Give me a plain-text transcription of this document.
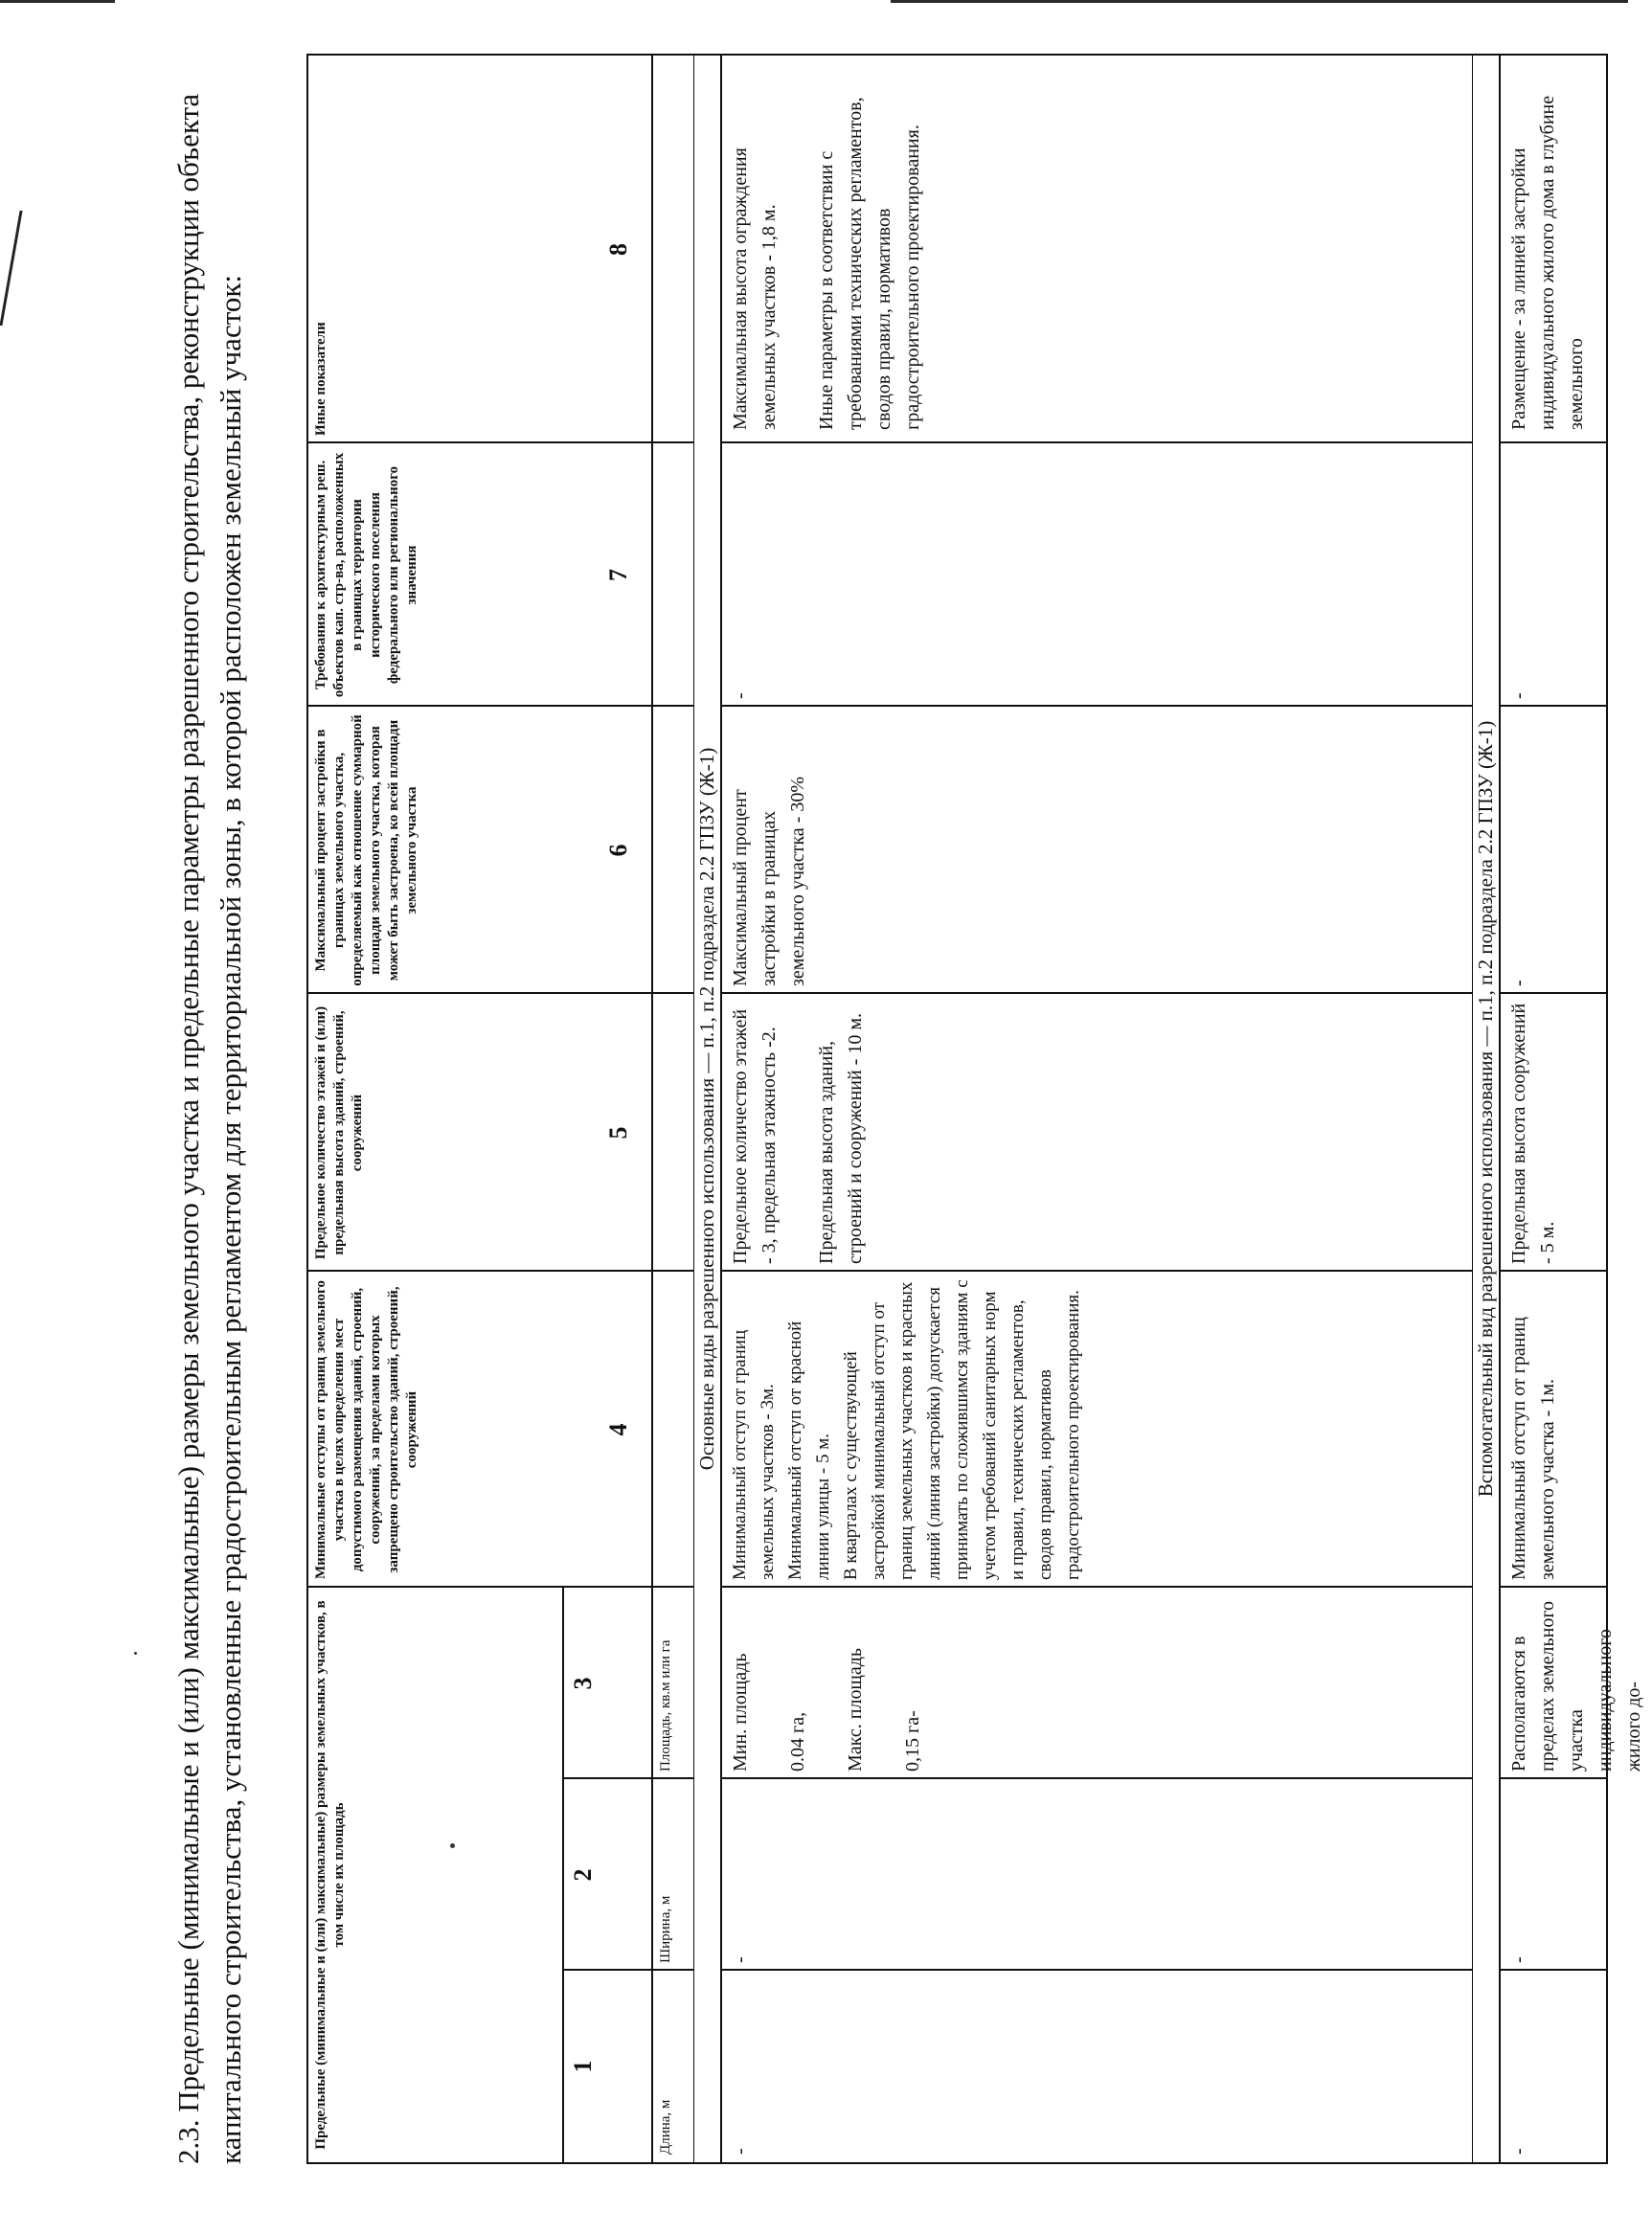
2.3. Предельные (минимальные и (или) максимальные) размеры земельного участка и предельные параметры разрешенного строительства, реконструкции объекта капитального строительства, установленные градостроительным регламентом для территориальной зоны, в которой расположен земельный участок:	Предельные (минимальные и (или) максимальные) размеры земельных участков, в том числе их площадь
Минимальные отступы от границ земельного участка в целях определения мест допустимого размещения зданий, строений, сооружений, за пределами которых запрещено строительство зданий, строений, сооружений
Предельное количество этажей и (или) предельная высота зданий, строений, сооружений
Максимальный процент застройки в границах земельного участка, определяемый как отношение суммарной площади земельного участка, которая может быть застроена, ко всей площади земельного участка
Требования к архитектурным реш. объектов кап. стр-ва, расположенных в границах территории исторического поселения федерального или регионального значения
Иные показатели
1
2
3
4
5
6
7
8
Длина, м
Ширина, м
Площадь, кв.м или га
Основные виды разрешенного использования — п.1, п.2 подраздела 2.2 ГПЗУ (Ж-1)
-
-
Мин. площадь

0.04 га,

Макс. площадь

0,15 га-
Минимальный отступ от границ земельных участков - 3м.
Минимальный отступ от красной линии улицы - 5 м.
В кварталах с существующей застройкой минимальный отступ от границ земельных участков и красных линий (линия застройки) допускается принимать по сложившимся зданиям с учетом требований санитарных норм и правил, технических регламентов, сводов правил, нормативов градостроительного проектирования.
Предельное количество этажей - 3, предельная этажность -2.

Предельная высота зданий, строений и сооружений - 10 м.
Максимальный процент застройки в границах земельного участка - 30%
-
Максимальная высота ограждения земельных участков - 1,8 м.

Иные параметры в соответствии с требованиями технических регламентов, сводов правил, нормативов градостроительного проектирования.
Вспомогательный вид разрешенного использования — п.1, п.2 подраздела 2.2 ГПЗУ (Ж-1)
-
-
Располагаются в пределах земельного участка индивидуального жилого до-
Минимальный отступ от границ земельного участка - 1м.
Предельная высота сооружений - 5 м.
-
-
Размещение - за линией застройки индивидуального жилого дома в глубине земельного
